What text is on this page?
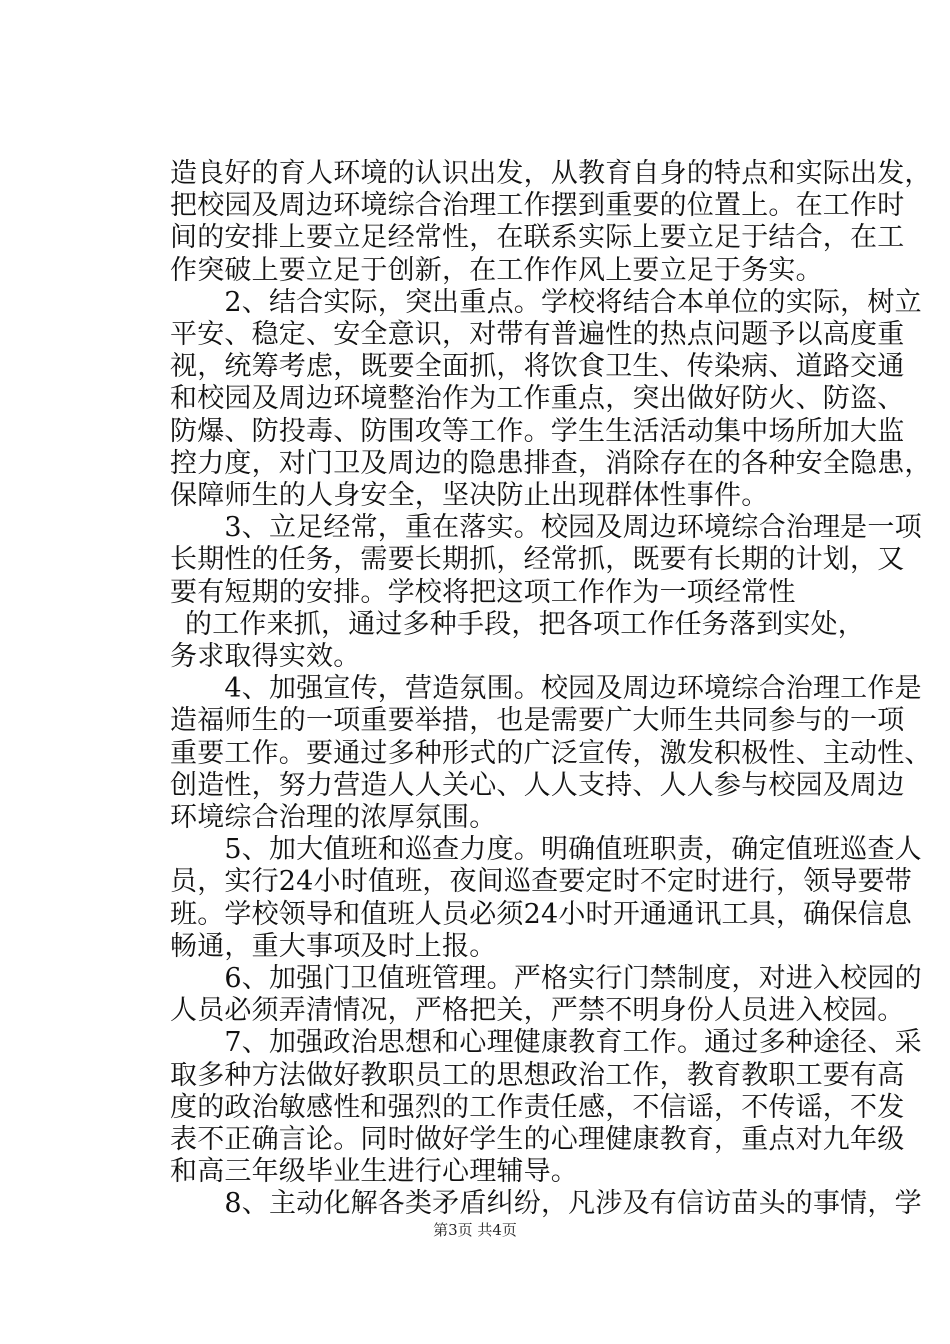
造良好的育人环境的认识出发，从教育自身的特点和实际出发，
把校园及周边环境综合治理工作摆到重要的位置上。在工作时
间的安排上要立足经常性，在联系实际上要立足于结合，在工
作突破上要立足于创新，在工作作风上要立足于务实。
　　2、结合实际，突出重点。学校将结合本单位的实际，树立
平安、稳定、安全意识，对带有普遍性的热点问题予以高度重
视，统筹考虑，既要全面抓，将饮食卫生、传染病、道路交通
和校园及周边环境整治作为工作重点，突出做好防火、防盗、
防爆、防投毒、防围攻等工作。学生生活活动集中场所加大监
控力度，对门卫及周边的隐患排查，消除存在的各种安全隐患，
保障师生的人身安全，坚决防止出现群体性事件。
　　3、立足经常，重在落实。校园及周边环境综合治理是一项
长期性的任务，需要长期抓，经常抓，既要有长期的计划，又
要有短期的安排。学校将把这项工作作为一项经常性
的工作来抓，通过多种手段，把各项工作任务落到实处，
务求取得实效。
　　4、加强宣传，营造氛围。校园及周边环境综合治理工作是
造福师生的一项重要举措，也是需要广大师生共同参与的一项
重要工作。要通过多种形式的广泛宣传，激发积极性、主动性、
创造性，努力营造人人关心、人人支持、人人参与校园及周边
环境综合治理的浓厚氛围。
　　5、加大值班和巡查力度。明确值班职责，确定值班巡查人
员，实行24小时值班，夜间巡查要定时不定时进行，领导要带
班。学校领导和值班人员必须24小时开通通讯工具，确保信息
畅通，重大事项及时上报。
　　6、加强门卫值班管理。严格实行门禁制度，对进入校园的
人员必须弄清情况，严格把关，严禁不明身份人员进入校园。
　　7、加强政治思想和心理健康教育工作。通过多种途径、采
取多种方法做好教职员工的思想政治工作，教育教职工要有高
度的政治敏感性和强烈的工作责任感，不信谣，不传谣，不发
表不正确言论。同时做好学生的心理健康教育，重点对九年级
和高三年级毕业生进行心理辅导。
　　8、主动化解各类矛盾纠纷，凡涉及有信访苗头的事情，学
第3页 共4页
